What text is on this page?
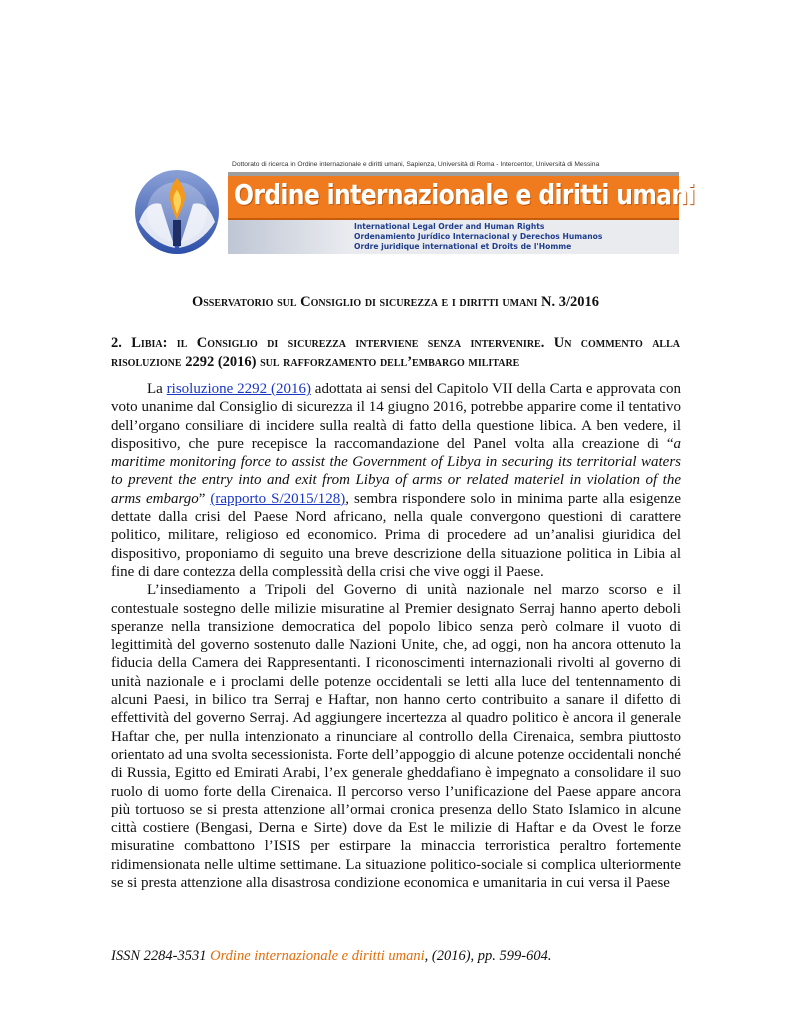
Dottorato di ricerca in Ordine internazionale e diritti umani, Sapienza, Università di Roma - Intercentor, Università di Messina
Ordine internazionale e diritti umani
International Legal Order and Human Rights
Ordenamiento Jurídico Internacional y Derechos Humanos
Ordre juridique international et Droits de l'Homme
Osservatorio sul Consiglio di sicurezza e i diritti umani N. 3/2016
2. Libia: il Consiglio di sicurezza interviene senza intervenire. Un commento alla risoluzione 2292 (2016) sul rafforzamento dell’embargo militare

La risoluzione 2292 (2016) adottata ai sensi del Capitolo VII della Carta e approvata con voto unanime dal Consiglio di sicurezza il 14 giugno 2016, potrebbe apparire come il tentativo dell’organo consiliare di incidere sulla realtà di fatto della questione libica. A ben vedere, il dispositivo, che pure recepisce la raccomandazione del Panel volta alla creazione di “a maritime monitoring force to assist the Government of Libya in securing its territorial waters to prevent the entry into and exit from Libya of arms or related materiel in violation of the arms embargo” (rapporto S/2015/128), sembra rispondere solo in minima parte alla esigenze dettate dalla crisi del Paese Nord africano, nella quale convergono questioni di carattere politico, militare, religioso ed economico. Prima di procedere ad un’analisi giuridica del dispositivo, proponiamo di seguito una breve descrizione della situazione politica in Libia al fine di dare contezza della complessità della crisi che vive oggi il Paese.

L’insediamento a Tripoli del Governo di unità nazionale nel marzo scorso e il contestuale sostegno delle milizie misuratine al Premier designato Serraj hanno aperto deboli speranze nella transizione democratica del popolo libico senza però colmare il vuoto di legittimità del governo sostenuto dalle Nazioni Unite, che, ad oggi, non ha ancora ottenuto la fiducia della Camera dei Rappresentanti. I riconoscimenti internazionali rivolti al governo di unità nazionale e i proclami delle potenze occidentali se letti alla luce del tentennamento di alcuni Paesi, in bilico tra Serraj e Haftar, non hanno certo contribuito a sanare il difetto di effettività del governo Serraj. Ad aggiungere incertezza al quadro politico è ancora il generale Haftar che, per nulla intenzionato a rinunciare al controllo della Cirenaica, sembra piuttosto orientato ad una svolta secessionista. Forte dell’appoggio di alcune potenze occidentali nonché di Russia, Egitto ed Emirati Arabi, l’ex generale gheddafiano è impegnato a consolidare il suo ruolo di uomo forte della Cirenaica. Il percorso verso l’unificazione del Paese appare ancora più tortuoso se si presta attenzione all’ormai cronica presenza dello Stato Islamico in alcune città costiere (Bengasi, Derna e Sirte) dove da Est le milizie di Haftar e da Ovest le forze misuratine combattono l’ISIS per estirpare la minaccia terroristica peraltro fortemente ridimensionata nelle ultime settimane. La situazione politico-sociale si complica ulteriormente se si presta attenzione alla disastrosa condizione economica e umanitaria in cui versa il Paese

ISSN 2284-3531 Ordine internazionale e diritti umani, (2016), pp. 599-604.
